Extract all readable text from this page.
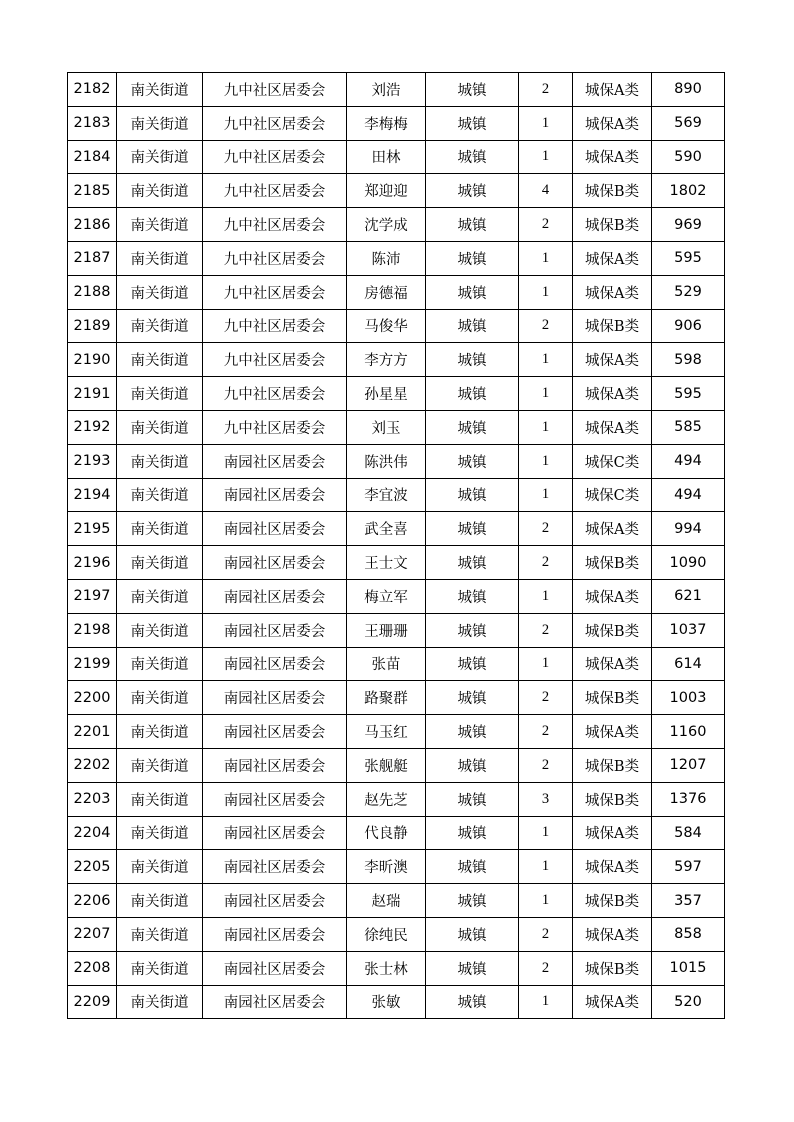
2182	南关街道	九中社区居委会	刘浩	城镇	2	城保A类	890
2183	南关街道	九中社区居委会	李梅梅	城镇	1	城保A类	569
2184	南关街道	九中社区居委会	田林	城镇	1	城保A类	590
2185	南关街道	九中社区居委会	郑迎迎	城镇	4	城保B类	1802
2186	南关街道	九中社区居委会	沈学成	城镇	2	城保B类	969
2187	南关街道	九中社区居委会	陈沛	城镇	1	城保A类	595
2188	南关街道	九中社区居委会	房德福	城镇	1	城保A类	529
2189	南关街道	九中社区居委会	马俊华	城镇	2	城保B类	906
2190	南关街道	九中社区居委会	李方方	城镇	1	城保A类	598
2191	南关街道	九中社区居委会	孙星星	城镇	1	城保A类	595
2192	南关街道	九中社区居委会	刘玉	城镇	1	城保A类	585
2193	南关街道	南园社区居委会	陈洪伟	城镇	1	城保C类	494
2194	南关街道	南园社区居委会	李宜波	城镇	1	城保C类	494
2195	南关街道	南园社区居委会	武全喜	城镇	2	城保A类	994
2196	南关街道	南园社区居委会	王士文	城镇	2	城保B类	1090
2197	南关街道	南园社区居委会	梅立军	城镇	1	城保A类	621
2198	南关街道	南园社区居委会	王珊珊	城镇	2	城保B类	1037
2199	南关街道	南园社区居委会	张苗	城镇	1	城保A类	614
2200	南关街道	南园社区居委会	路聚群	城镇	2	城保B类	1003
2201	南关街道	南园社区居委会	马玉红	城镇	2	城保A类	1160
2202	南关街道	南园社区居委会	张舰艇	城镇	2	城保B类	1207
2203	南关街道	南园社区居委会	赵先芝	城镇	3	城保B类	1376
2204	南关街道	南园社区居委会	代良静	城镇	1	城保A类	584
2205	南关街道	南园社区居委会	李昕澳	城镇	1	城保A类	597
2206	南关街道	南园社区居委会	赵瑞	城镇	1	城保B类	357
2207	南关街道	南园社区居委会	徐纯民	城镇	2	城保A类	858
2208	南关街道	南园社区居委会	张士林	城镇	2	城保B类	1015
2209	南关街道	南园社区居委会	张敏	城镇	1	城保A类	520
